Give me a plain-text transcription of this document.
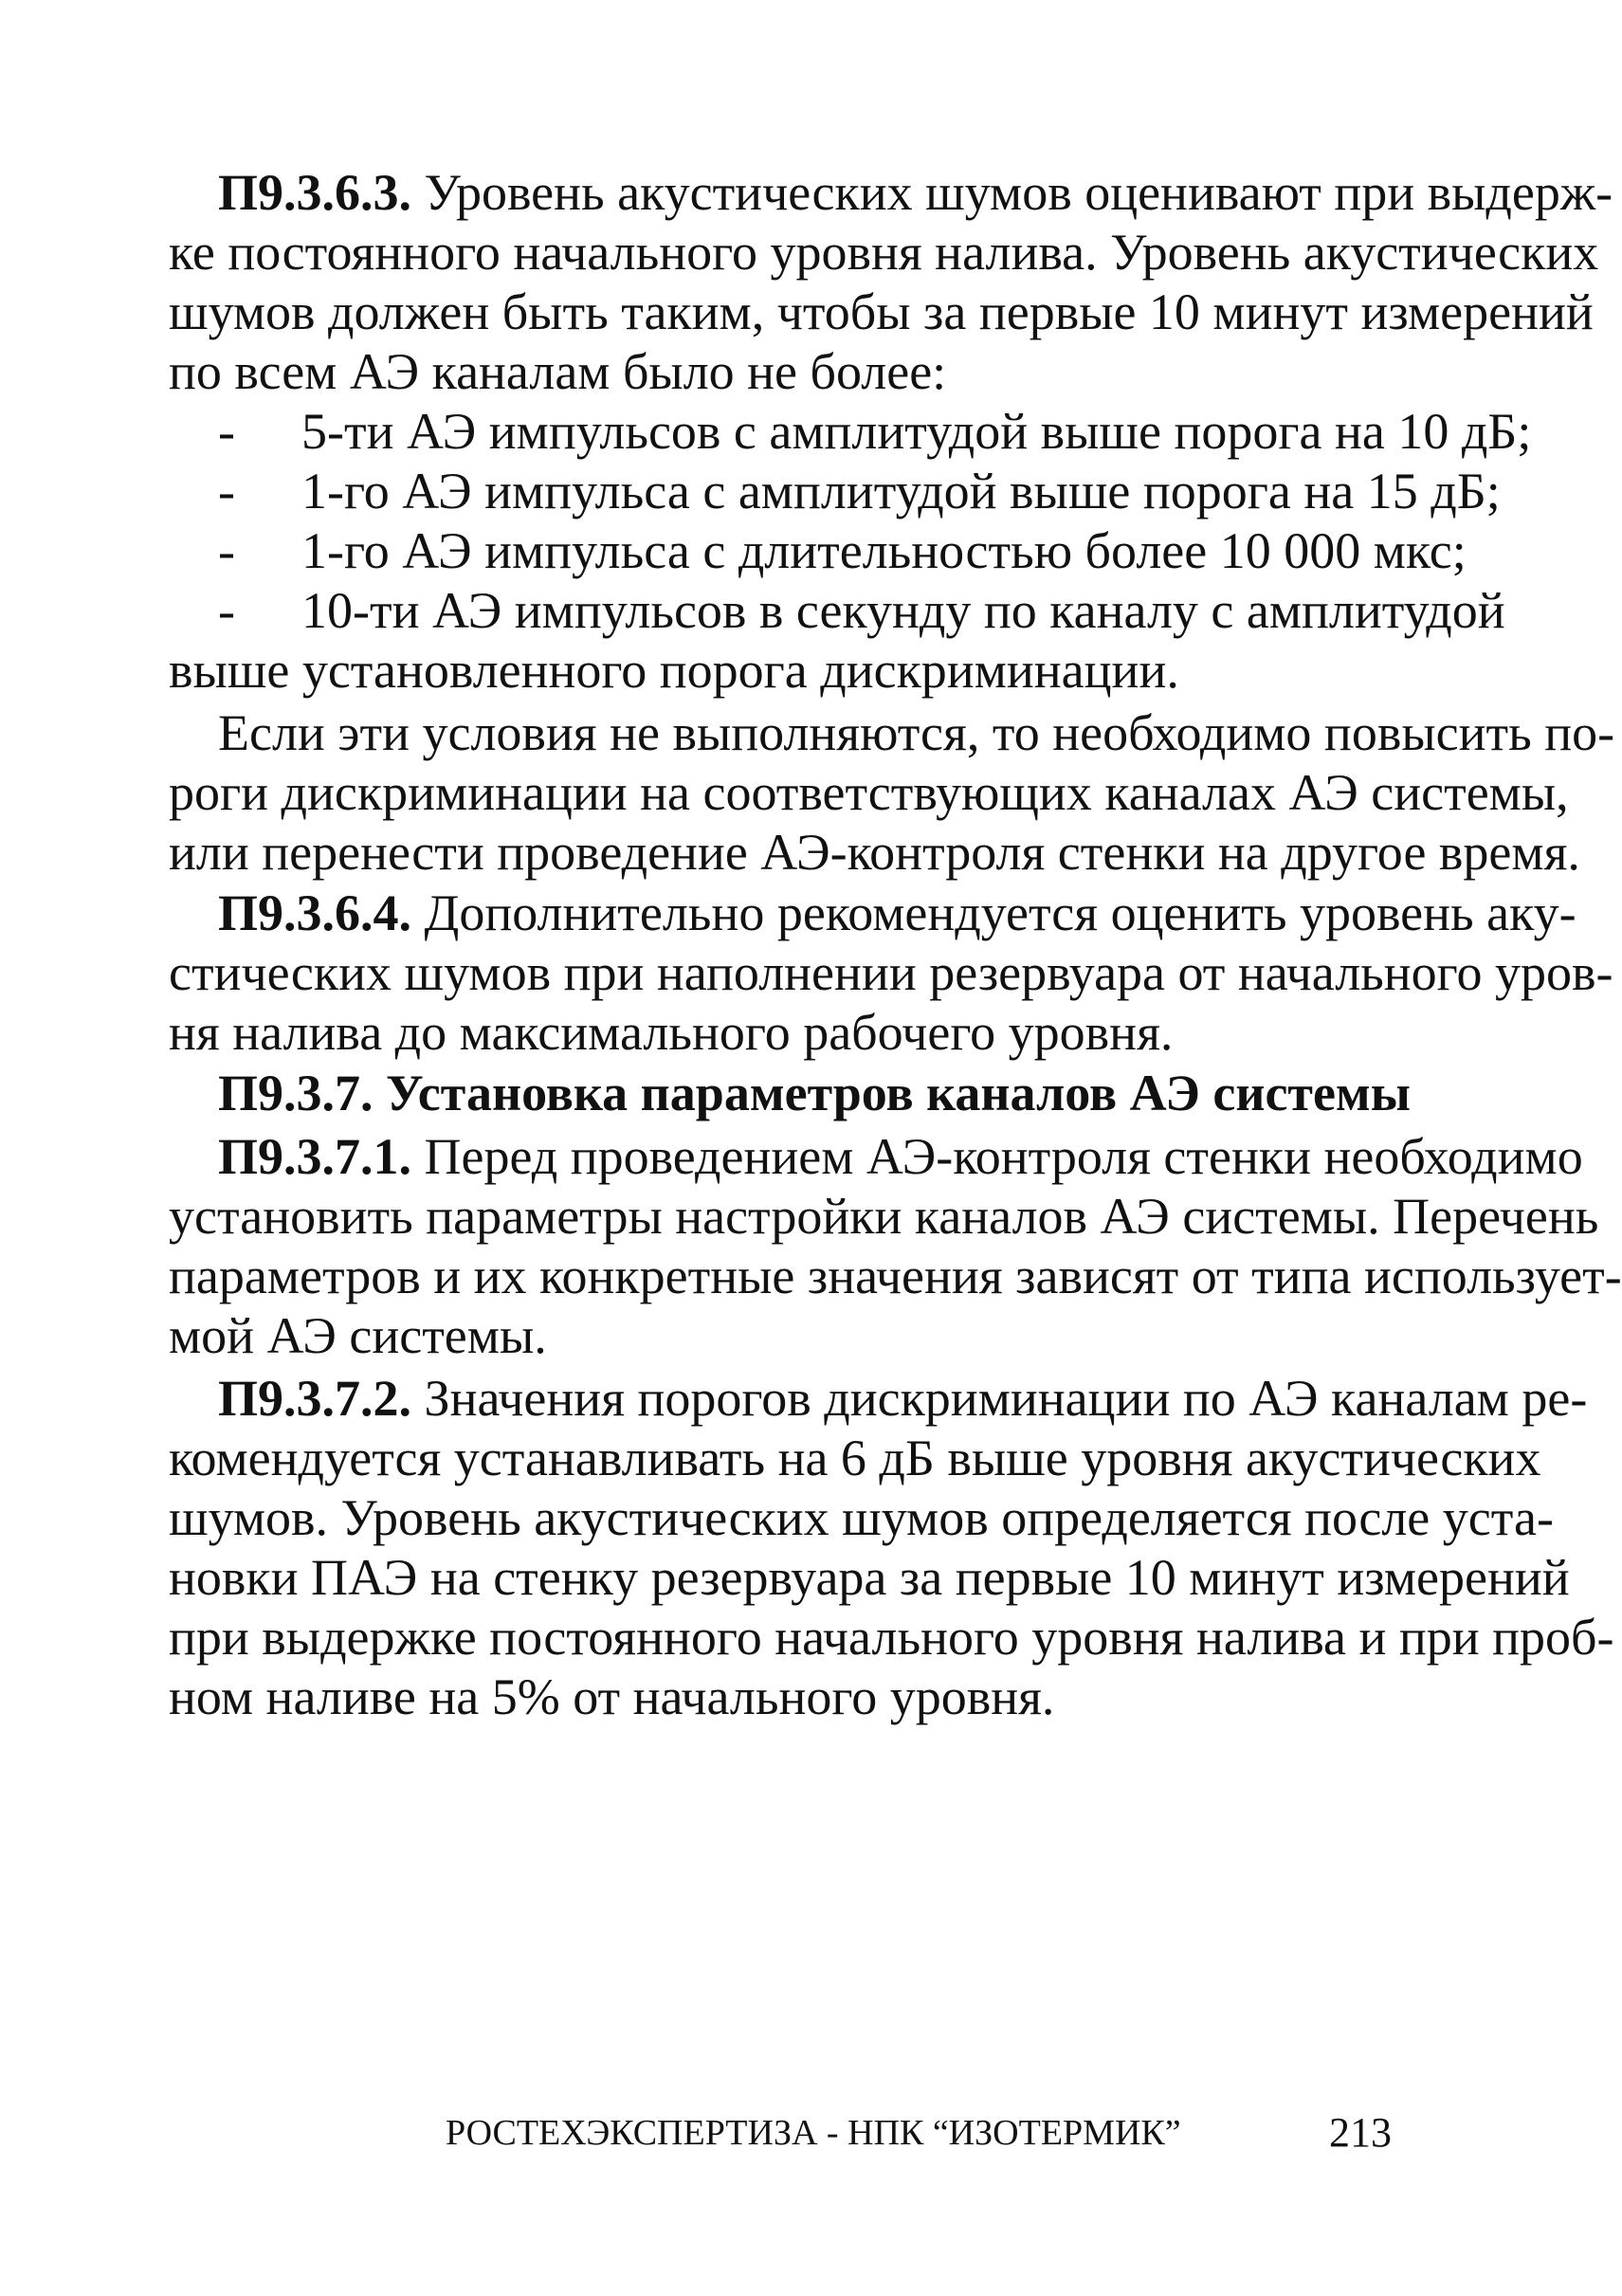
П9.3.6.3. Уровень акустических шумов оценивают при выдерж-
ке постоянного начального уровня налива. Уровень акустических
шумов должен быть таким, чтобы за первые 10 минут измерений
по всем АЭ каналам было не более:
-	5-ти АЭ импульсов с амплитудой выше порога на 10 дБ;
-	1-го АЭ импульса с амплитудой выше порога на 15 дБ;
-	1-го АЭ импульса с длительностью более 10 000 мкс;
-	10-ти АЭ импульсов в секунду по каналу с амплитудой
выше установленного порога дискриминации.
Если эти условия не выполняются, то необходимо повысить по-
роги дискриминации на соответствующих каналах АЭ системы,
или перенести проведение АЭ-контроля стенки на другое время.
П9.3.6.4. Дополнительно рекомендуется оценить уровень аку-
стических шумов при наполнении резервуара от начального уров-
ня налива до максимального рабочего уровня.
П9.3.7. Установка параметров каналов АЭ системы
П9.3.7.1. Перед проведением АЭ-контроля стенки необходимо
установить параметры настройки каналов АЭ системы. Перечень
параметров и их конкретные значения зависят от типа использует-
мой АЭ системы.
П9.3.7.2. Значения порогов дискриминации по АЭ каналам ре-
комендуется устанавливать на 6 дБ выше уровня акустических
шумов. Уровень акустических шумов определяется после уста-
новки ПАЭ на стенку резервуара за первые 10 минут измерений
при выдержке постоянного начального уровня налива и при проб-
ном наливе на 5% от начального уровня.
РОСТЕХЭКСПЕРТИЗА - НПК “ИЗОТЕРМИК”	213
